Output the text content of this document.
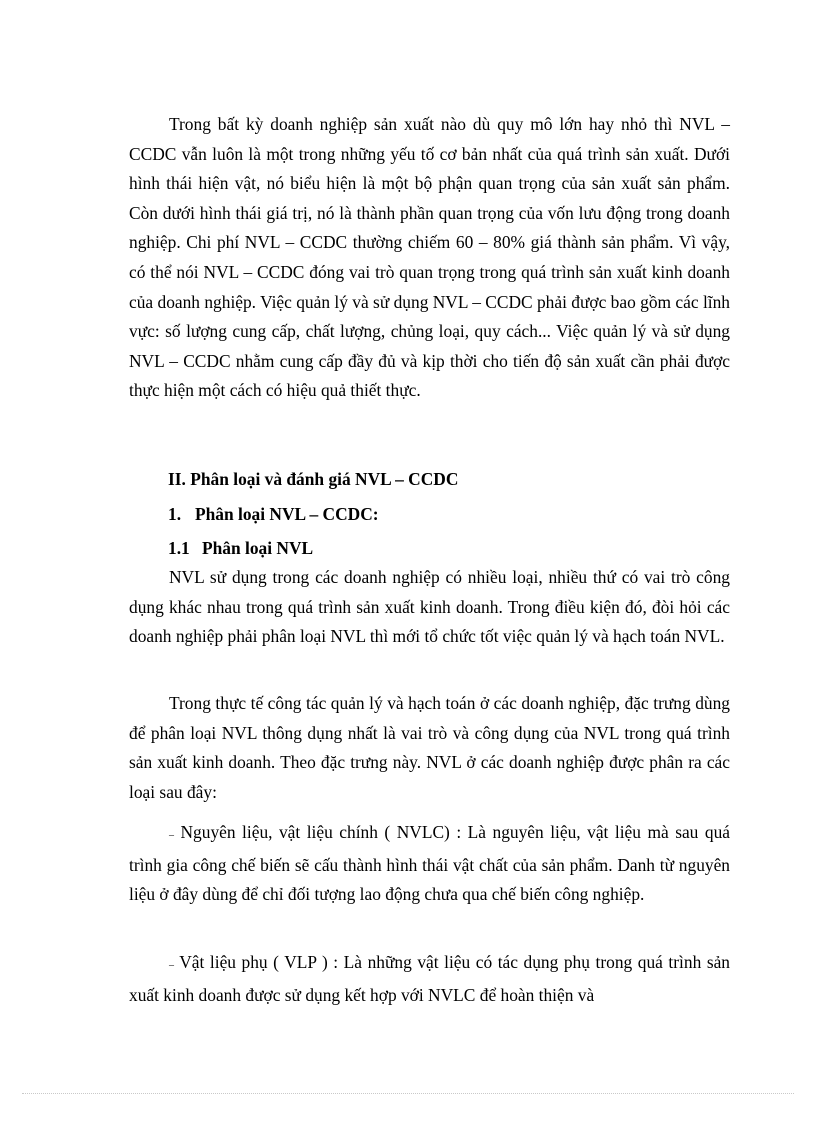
Trong bất kỳ doanh nghiệp sản xuất nào dù quy mô lớn hay nhỏ thì NVL –CCDC vẫn luôn là một trong những yếu tố cơ bản nhất của quá trình sản xuất. Dưới hình thái hiện vật, nó biểu hiện là một bộ phận quan trọng của sản xuất sản phẩm. Còn dưới hình thái giá trị, nó là thành phần quan trọng của vốn lưu động trong doanh nghiệp. Chi phí NVL – CCDC thường chiếm 60 – 80% giá thành sản phẩm. Vì vậy, có thể nói NVL – CCDC đóng vai trò quan trọng trong quá trình sản xuất kinh doanh của doanh nghiệp. Việc quản lý và sử dụng NVL – CCDC phải được bao gồm các lĩnh vực: số lượng cung cấp, chất lượng, chủng loại, quy cách... Việc quản lý và sử dụng NVL – CCDC nhằm cung cấp đầy đủ và kịp thời cho tiến độ sản xuất cần phải được thực hiện một cách có hiệu quả thiết thực.

II. Phân loại và đánh giá NVL – CCDC

1. Phân loại NVL – CCDC:

1.1 Phân loại NVL

NVL sử dụng trong các doanh nghiệp có nhiều loại, nhiều thứ có vai trò công dụng khác nhau trong quá trình sản xuất kinh doanh. Trong điều kiện đó, đòi hỏi các doanh nghiệp phải phân loại NVL thì mới tổ chức tốt việc quản lý và hạch toán NVL.

Trong thực tế công tác quản lý và hạch toán ở các doanh nghiệp, đặc trưng dùng để phân loại NVL thông dụng nhất là vai trò và công dụng của NVL trong quá trình sản xuất kinh doanh. Theo đặc trưng này. NVL ở các doanh nghiệp được phân ra các loại sau đây:

– Nguyên liệu, vật liệu chính ( NVLC) : Là nguyên liệu, vật liệu mà sau quá trình gia công chế biến sẽ cấu thành hình thái vật chất của sản phẩm. Danh từ nguyên liệu ở đây dùng để chỉ đối tượng lao động chưa qua chế biến công nghiệp.

– Vật liệu phụ ( VLP ) : Là những vật liệu có tác dụng phụ trong quá trình sản xuất kinh doanh được sử dụng kết hợp với NVLC để hoàn thiện và
